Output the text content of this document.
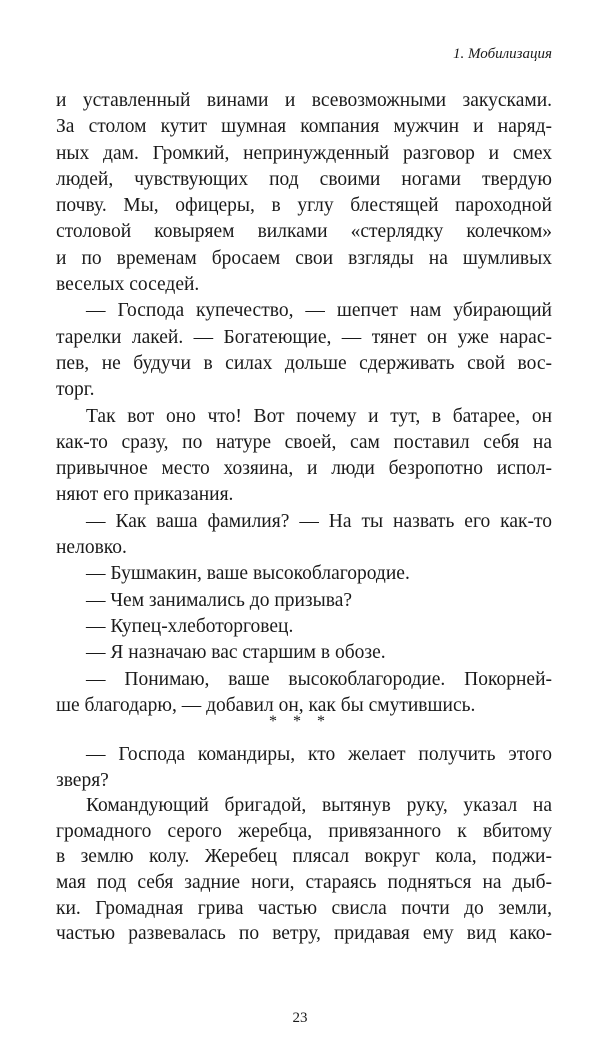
1. Мобилизация
и уставленный винами и всевозможными закусками.
За столом кутит шумная компания мужчин и наряд-
ных дам. Громкий, непринужденный разговор и смех
людей, чувствующих под своими ногами твердую
почву. Мы, офицеры, в углу блестящей пароходной
столовой ковыряем вилками «стерлядку колечком»
и по временам бросаем свои взгляды на шумливых
веселых соседей.
— Господа купечество, — шепчет нам убирающий
тарелки лакей. — Богатеющие, — тянет он уже нарас-
пев, не будучи в силах дольше сдерживать свой вос-
торг.
Так вот оно что! Вот почему и тут, в батарее, он
как-то сразу, по натуре своей, сам поставил себя на
привычное место хозяина, и люди безропотно испол-
няют его приказания.
— Как ваша фамилия? — На ты назвать его как-то
неловко.
— Бушмакин, ваше высокоблагородие.
— Чем занимались до призыва?
— Купец-хлеботорговец.
— Я назначаю вас старшим в обозе.
— Понимаю, ваше высокоблагородие. Покорней-
ше благодарю, — добавил он, как бы смутившись.
* * *
— Господа командиры, кто желает получить этого
зверя?
Командующий бригадой, вытянув руку, указал на
громадного серого жеребца, привязанного к вбитому
в землю колу. Жеребец плясал вокруг кола, поджи-
мая под себя задние ноги, стараясь подняться на дыб-
ки. Громадная грива частью свисла почти до земли,
частью развевалась по ветру, придавая ему вид како-
23
